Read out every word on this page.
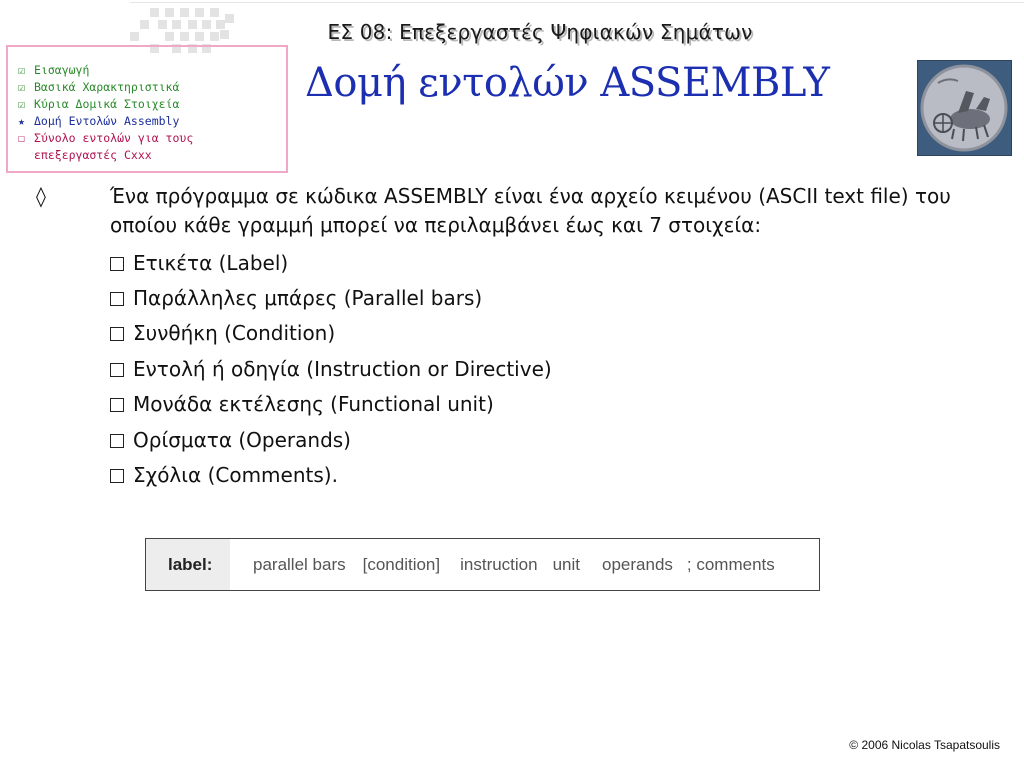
ΕΣ 08: Επεξεργαστές Ψηφιακών Σημάτων
☑ Εισαγωγή
☑ Βασικά Χαρακτηριστικά
☑ Κύρια Δομικά Στοιχεία
★ Δομή Εντολών Assembly
☐ Σύνολο εντολών για τους
επεξεργαστές Cxxx
Δομή εντολών ASSEMBLY
◊	Ένα πρόγραμμα σε κώδικα ASSEMBLY είναι ένα αρχείο κειμένου (ASCII text file) του οποίου κάθε γραμμή μπορεί να περιλαμβάνει έως και 7 στοιχεία:
Ετικέτα (Label)
Παράλληλες μπάρες (Parallel bars)
Συνθήκη (Condition)
Εντολή ή οδηγία (Instruction or Directive)
Μονάδα εκτέλεσης (Functional unit)
Ορίσματα (Operands)
Σχόλια (Comments).
label:	parallel bars [condition] instruction unit operands ; comments
© 2006 Nicolas Tsapatsoulis
